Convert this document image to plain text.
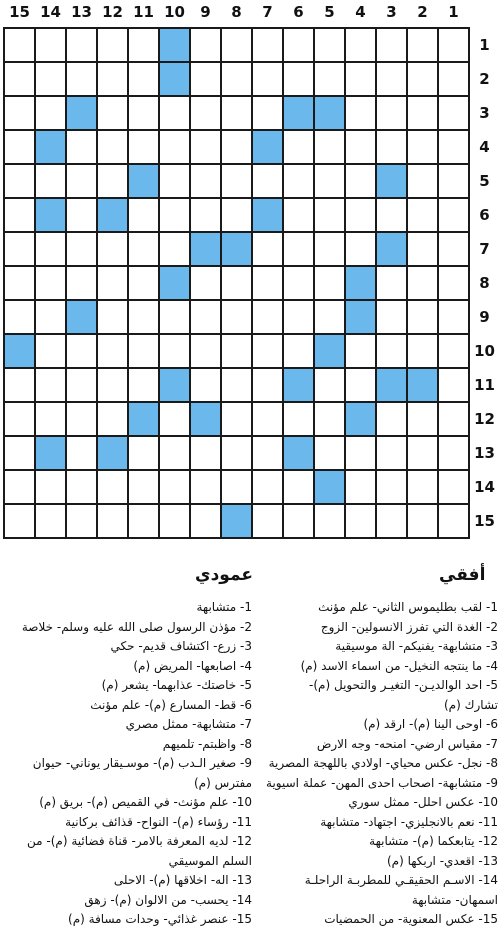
15 14 13 12 11 10	9	8	7	6	5	4	3	2	1
1
2
3
4
5
6
7
8
9
10
11
12
13
14
15
أفقي
عمودي
1- لقب بطليموس الثاني- علم مؤنث
2- الغدة التي تفرز الانسولين- الزوج
3- متشابهة- يفنيكم- الة موسيقية
4- ما ينتجه النخيل- من اسماء الاسد (م)
5- احد الوالديـن- التغيـر والتحويل (م)-
تشارك (م)
6- اوحى الينا (م)- ارقد (م)
7- مقياس ارضي- امنحه- وجه الارض
8- نجل- عكس محياي- اولادي باللهجة المصرية
9- متشابهة- اصحاب احدى المهن- عملة اسيوية
10- عكس احلل- ممثل سوري
11- نعم بالانجليزي- اجتهاد- متشابهة
12- يتابعكما (م)- متشابهة
13- اقعدي- اربكها (م)
14- الاسـم الحقيقـي للمطربـة الراحلـة
اسمهان- متشابهة
15- عكس المعنوية- من الحمضيات
1- متشابهة
2- مؤذن الرسول صلى الله عليه وسلم- خلاصة
3- زرع- اكتشاف قديم- حكي
4- اصابعها- المريض (م)
5- خاصتك- عذابهما- يشعر (م)
6- قط- المسارع (م)- علم مؤنث
7- متشابهة- ممثل مصري
8- واظبتم- تلميهم
9- صغير الـدب (م)- موسـيقار يوناني- حيوان
مفترس (م)
10- علم مؤنث- في القميص (م)- بريق (م)
11- رؤساء (م)- النواح- قذائف بركانية
12- لديه المعرفة بالامر- قناة فضائية (م)- من
السلم الموسيقي
13- اله- اخلاقها (م)- الاحلى
14- يحسب- من الالوان (م)- زهق
15- عنصر غذائي- وحدات مسافة (م)
